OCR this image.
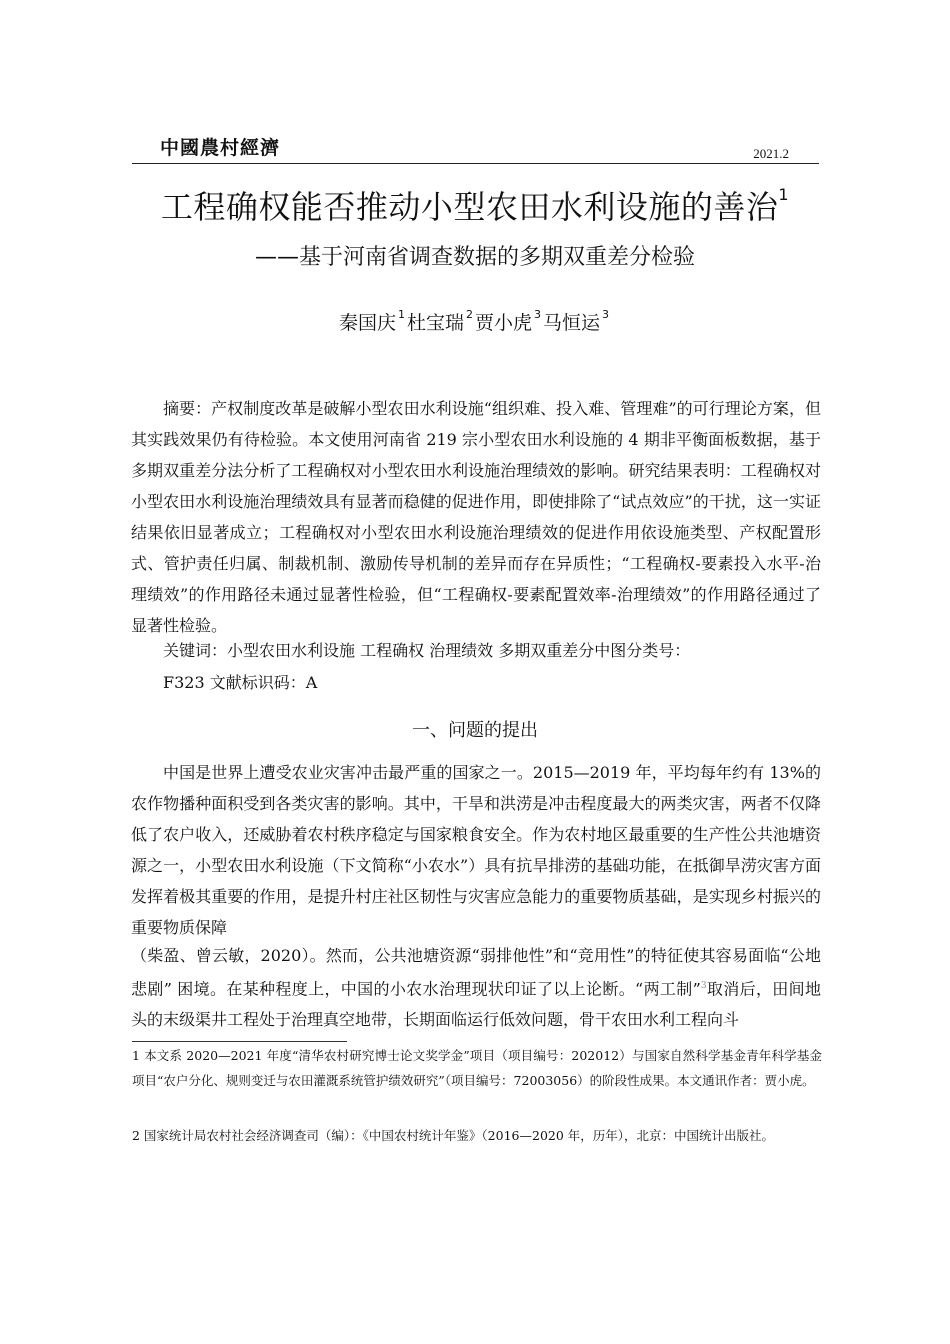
中國農村經濟	2021.2
工程确权能否推动小型农田水利设施的善治$^1$
——基于河南省调查数据的多期双重差分检验
秦国庆 $^1$ 杜宝瑞 $^2$ 贾小虎 $^3$ 马恒运 $^3$

摘要：产权制度改革是破解小型农田水利设施“组织难、投入难、管理难”的可行理论方案，但其实践效果仍有待检验。本文使用河南省 219 宗小型农田水利设施的 4 期非平衡面板数据，基于多期双重差分法分析了工程确权对小型农田水利设施治理绩效的影响。研究结果表明：工程确权对小型农田水利设施治理绩效具有显著而稳健的促进作用，即使排除了“试点效应”的干扰，这一实证结果依旧显著成立；工程确权对小型农田水利设施治理绩效的促进作用依设施类型、产权配置形式、管护责任归属、制裁机制、激励传导机制的差异而存在异质性；“工程确权-要素投入水平-治理绩效”的作用路径未通过显著性检验，但“工程确权-要素配置效率-治理绩效”的作用路径通过了显著性检验。

关键词：小型农田水利设施 工程确权 治理绩效 多期双重差分中图分类号：
F323 文献标识码：A
一、问题的提出

中国是世界上遭受农业灾害冲击最严重的国家之一。2015—2019 年，平均每年约有 13%的农作物播种面积受到各类灾害的影响。其中，干旱和洪涝是冲击程度最大的两类灾害，两者不仅降低了农户收入，还威胁着农村秩序稳定与国家粮食安全。作为农村地区最重要的生产性公共池塘资源之一，小型农田水利设施（下文简称“小农水”）具有抗旱排涝的基础功能，在抵御旱涝灾害方面发挥着极其重要的作用，是提升村庄社区韧性与灾害应急能力的重要物质基础，是实现乡村振兴的重要物质保障

（柴盈、曾云敏，2020）。然而，公共池塘资源“弱排他性”和“竞用性”的特征使其容易面临“公地悲剧” 困境。在某种程度上，中国的小农水治理现状印证了以上论断。“两工制”$^3$取消后，田间地头的末级渠井工程处于治理真空地带，长期面临运行低效问题，骨干农田水利工程向斗

1 本文系 2020—2021 年度“清华农村研究博士论文奖学金”项目（项目编号：202012）与国家自然科学基金青年科学基金项目“农户分化、规则变迁与农田灌溉系统管护绩效研究”（项目编号：72003056）的阶段性成果。本文通讯作者：贾小虎。
2 国家统计局农村社会经济调查司（编）：《中国农村统计年鉴》（2016—2020 年，历年），北京：中国统计出版社。
